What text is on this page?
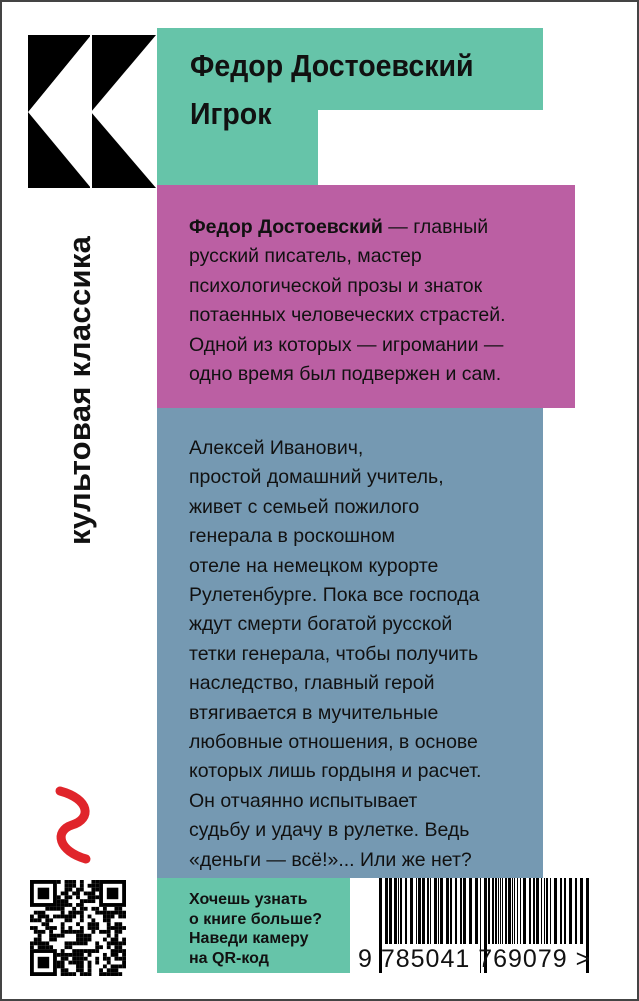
культовая классика
Федор Достоевский
Игрок
Федор Достоевский — главный
русский писатель, мастер
психологической прозы и знаток
потаенных человеческих страстей.
Одной из которых — игромании —
одно время был подвержен и сам.
Алексей Иванович,
простой домашний учитель,
живет с семьей пожилого
генерала в роскошном
отеле на немецком курорте
Рулетенбурге. Пока все господа
ждут смерти богатой русской
тетки генерала, чтобы получить
наследство, главный герой
втягивается в мучительные
любовные отношения, в основе
которых лишь гордыня и расчет.
Он отчаянно испытывает
судьбу и удачу в рулетке. Ведь
«деньги — всё!»... Или же нет?
Хочешь узнать
о книге больше?
Наведи камеру
на QR-код	9 785041 769079 >
